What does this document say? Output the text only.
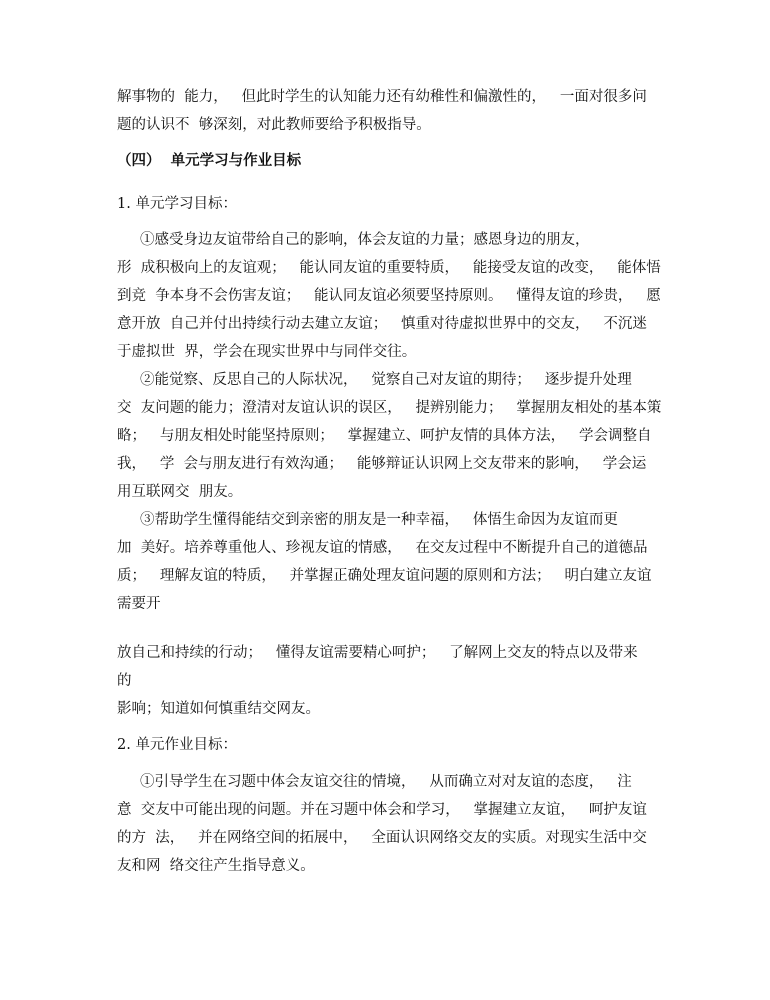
解事物的  能力，   但此时学生的认知能力还有幼稚性和偏激性的，   一面对很多问

题的认识不  够深刻，对此教师要给予积极指导。

（四）  单元学习与作业目标

1. 单元学习目标：

①感受身边友谊带给自己的影响，体会友谊的力量；感恩身边的朋友，

形  成积极向上的友谊观；   能认同友谊的重要特质，   能接受友谊的改变，   能体悟

到竞  争本身不会伤害友谊；   能认同友谊必须要坚持原则。   懂得友谊的珍贵，   愿

意开放  自己并付出持续行动去建立友谊；   慎重对待虚拟世界中的交友，   不沉迷

于虚拟世  界，学会在现实世界中与同伴交往。

②能觉察、反思自己的人际状况，   觉察自己对友谊的期待；   逐步提升处理

交  友问题的能力；澄清对友谊认识的误区，   提辨别能力；   掌握朋友相处的基本策

略；   与朋友相处时能坚持原则；   掌握建立、呵护友情的具体方法，   学会调整自

我，   学  会与朋友进行有效沟通；   能够辩证认识网上交友带来的影响，   学会运

用互联网交  朋友。

③帮助学生懂得能结交到亲密的朋友是一种幸福，   体悟生命因为友谊而更

加  美好。培养尊重他人、珍视友谊的情感，   在交友过程中不断提升自己的道德品

质；   理解友谊的特质，   并掌握正确处理友谊问题的原则和方法；   明白建立友谊

需要开

放自己和持续的行动；   懂得友谊需要精心呵护；   了解网上交友的特点以及带来

的

影响；知道如何慎重结交网友。

2. 单元作业目标：

①引导学生在习题中体会友谊交往的情境，   从而确立对对友谊的态度，   注

意  交友中可能出现的问题。并在习题中体会和学习，   掌握建立友谊，   呵护友谊

的方  法，   并在网络空间的拓展中，   全面认识网络交友的实质。对现实生活中交

友和网  络交往产生指导意义。
